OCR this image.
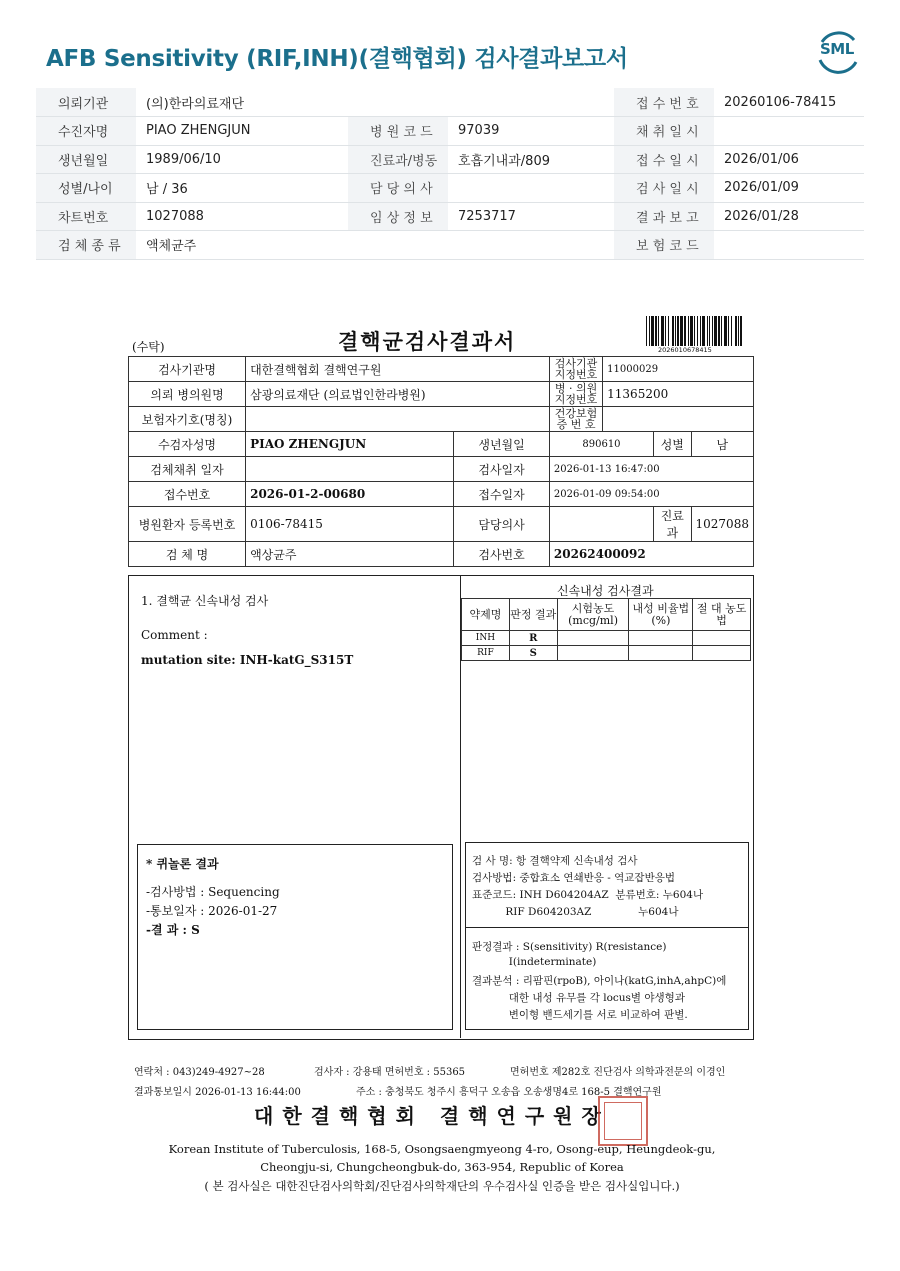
AFB Sensitivity (RIF,INH)(결핵협회) 검사결과보고서	SML
의뢰기관	(의)한라의료재단			접 수 번 호	20260106-78415
수진자명	PIAO ZHENGJUN	병 원 코 드	97039	채 취 일 시	
생년월일	1989/06/10	진료과/병동	호흡기내과/809	접 수 일 시	2026/01/06
성별/나이	남 / 36	담 당 의 사		검 사 일 시	2026/01/09
차트번호	1027088	임 상 정 보	7253717	결 과 보 고	2026/01/28
검 체 종 류	액체균주			보 험 코 드	
(수탁)	결핵균검사결과서	2026010678415
검사기관명	대한결핵협회 결핵연구원		검사기관 지정번호	11000029		
의뢰 병의원명	삼광의료재단 (의료법인한라병원)		병 · 의원 지정번호	11365200		
보험자기호(명칭)			건강보험 증 번 호			
수검자성명	PIAO ZHENGJUN	생년월일	890610		성별	남
검체채취 일자		검사일자	2026-01-13 16:47:00			
접수번호	2026-01-2-00680	접수일자	2026-01-09 09:54:00			
병원환자 등록번호	0106-78415	담당의사			진료과	1027088
검 체 명	액상균주	검사번호	20262400092			
1. 결핵균 신속내성 검사
Comment :
mutation site: INH-katG_S315T
* 퀴놀론 결과
-검사방법 : Sequencing
-통보일자 : 2026-01-27
-결 과 : S
신속내성 검사결과
약제명	판정 결과	시험농도 (mcg/ml)	내성 비율법(%)	절 대 농도법
INH	R			
RIF	S			
검 사 명: 항 결핵약제 신속내성 검사
검사방법: 중합효소 연쇄반응 - 역교잡반응법
표준코드: INH D604204AZ  분류번호: 누604나
RIF D604203AZ              누604나
판정결과 : S(sensitivity) R(resistance)
I(indeterminate)
결과분석 : 리팜핀(rpoB), 아이나(katG,inhA,ahpC)에
대한 내성 유무를 각 locus별 야생형과
변이형 밴드세기를 서로 비교하여 판별.
연락처 : 043)249-4927~28	검사자 : 강용태 면허번호 : 55365	면허번호 제282호 진단검사 의학과전문의 이경인
결과통보일시 2026-01-13 16:44:00	주소 : 충청북도 청주시 흥덕구 오송읍 오송생명4로 168-5 결핵연구원
대한결핵협회 결핵연구원장
Korean Institute of Tuberculosis, 168-5, Osongsaengmyeong 4-ro, Osong-eup, Heungdeok-gu,
Cheongju-si, Chungcheongbuk-do, 363-954, Republic of Korea
( 본 검사실은 대한진단검사의학회/진단검사의학재단의 우수검사실 인증을 받은 검사실입니다.)
